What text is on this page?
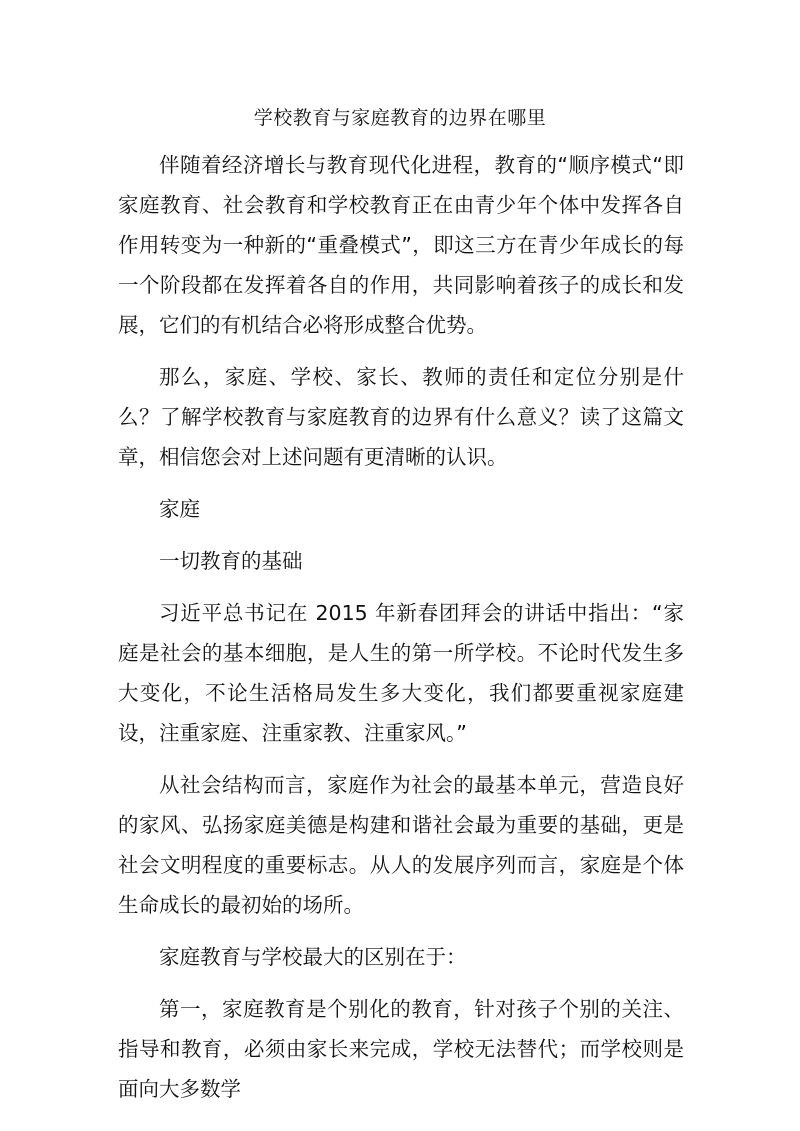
学校教育与家庭教育的边界在哪里

伴随着经济增长与教育现代化进程，教育的“顺序模式“即家庭教育、社会教育和学校教育正在由青少年个体中发挥各自作用转变为一种新的“重叠模式”，即这三方在青少年成长的每一个阶段都在发挥着各自的作用，共同影响着孩子的成长和发展，它们的有机结合必将形成整合优势。

那么，家庭、学校、家长、教师的责任和定位分别是什么？了解学校教育与家庭教育的边界有什么意义？读了这篇文章，相信您会对上述问题有更清晰的认识。

家庭

一切教育的基础

习近平总书记在 2015 年新春团拜会的讲话中指出：“家庭是社会的基本细胞，是人生的第一所学校。不论时代发生多大变化，不论生活格局发生多大变化，我们都要重视家庭建设，注重家庭、注重家教、注重家风。”

从社会结构而言，家庭作为社会的最基本单元，营造良好的家风、弘扬家庭美德是构建和谐社会最为重要的基础，更是社会文明程度的重要标志。从人的发展序列而言，家庭是个体生命成长的最初始的场所。

家庭教育与学校最大的区别在于：

第一，家庭教育是个别化的教育，针对孩子个别的关注、指导和教育，必须由家长来完成，学校无法替代；而学校则是面向大多数学
